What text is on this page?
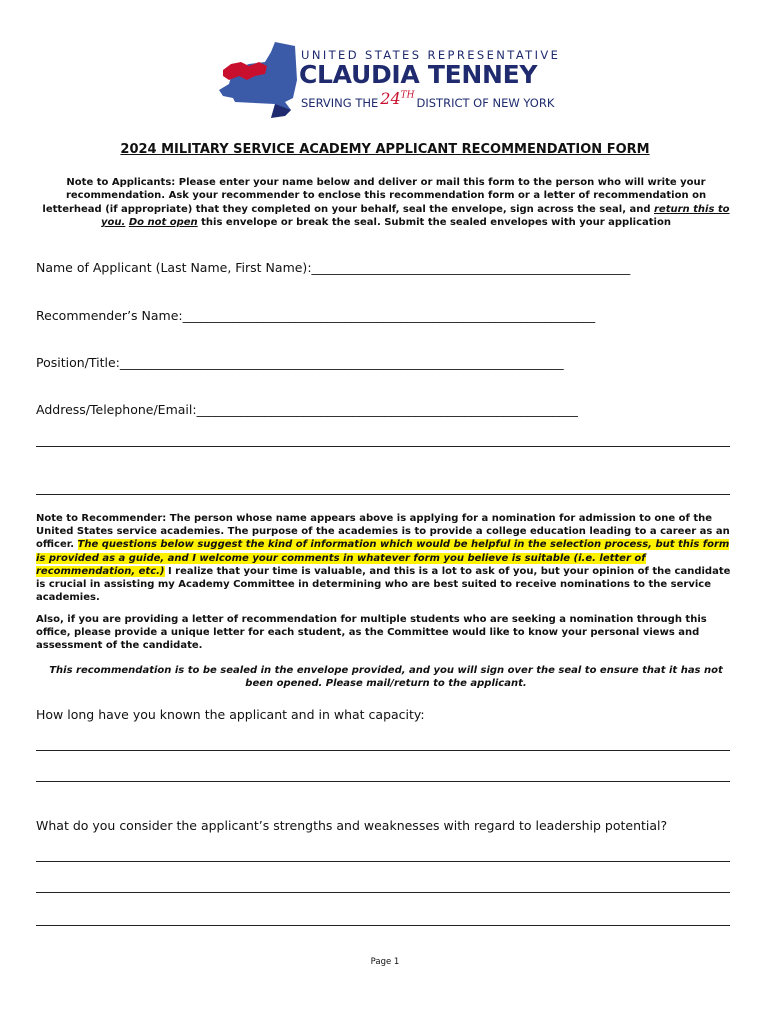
UNITED STATES REPRESENTATIVE
CLAUDIA TENNEY
SERVING THE 24THDISTRICT OF NEW YORK
2024 MILITARY SERVICE ACADEMY APPLICANT RECOMMENDATION FORM
Note to Applicants: Please enter your name below and deliver or mail this form to the person who will write your recommendation. Ask your recommender to enclose this recommendation form or a letter of recommendation on letterhead (if appropriate) that they completed on your behalf, seal the envelope, sign across the seal, and return this to you. Do not open this envelope or break the seal. Submit the sealed envelopes with your application
Name of Applicant (Last Name, First Name):___________________________________________________
Recommender’s Name:__________________________________________________________________
Position/Title:_______________________________________________________________________
Address/Telephone/Email:_____________________________________________________________
Note to Recommender: The person whose name appears above is applying for a nomination for admission to one of the United States service academies. The purpose of the academies is to provide a college education leading to a career as an officer. The questions below suggest the kind of information which would be helpful in the selection process, but this form is provided as a guide, and I welcome your comments in whatever form you believe is suitable (i.e. letter of recommendation, etc.) I realize that your time is valuable, and this is a lot to ask of you, but your opinion of the candidate is crucial in assisting my Academy Committee in determining who are best suited to receive nominations to the service academies.
Also, if you are providing a letter of recommendation for multiple students who are seeking a nomination through this office, please provide a unique letter for each student, as the Committee would like to know your personal views and assessment of the candidate.
This recommendation is to be sealed in the envelope provided, and you will sign over the seal to ensure that it has not been opened. Please mail/return to the applicant.
How long have you known the applicant and in what capacity:
What do you consider the applicant’s strengths and weaknesses with regard to leadership potential?
Page 1
